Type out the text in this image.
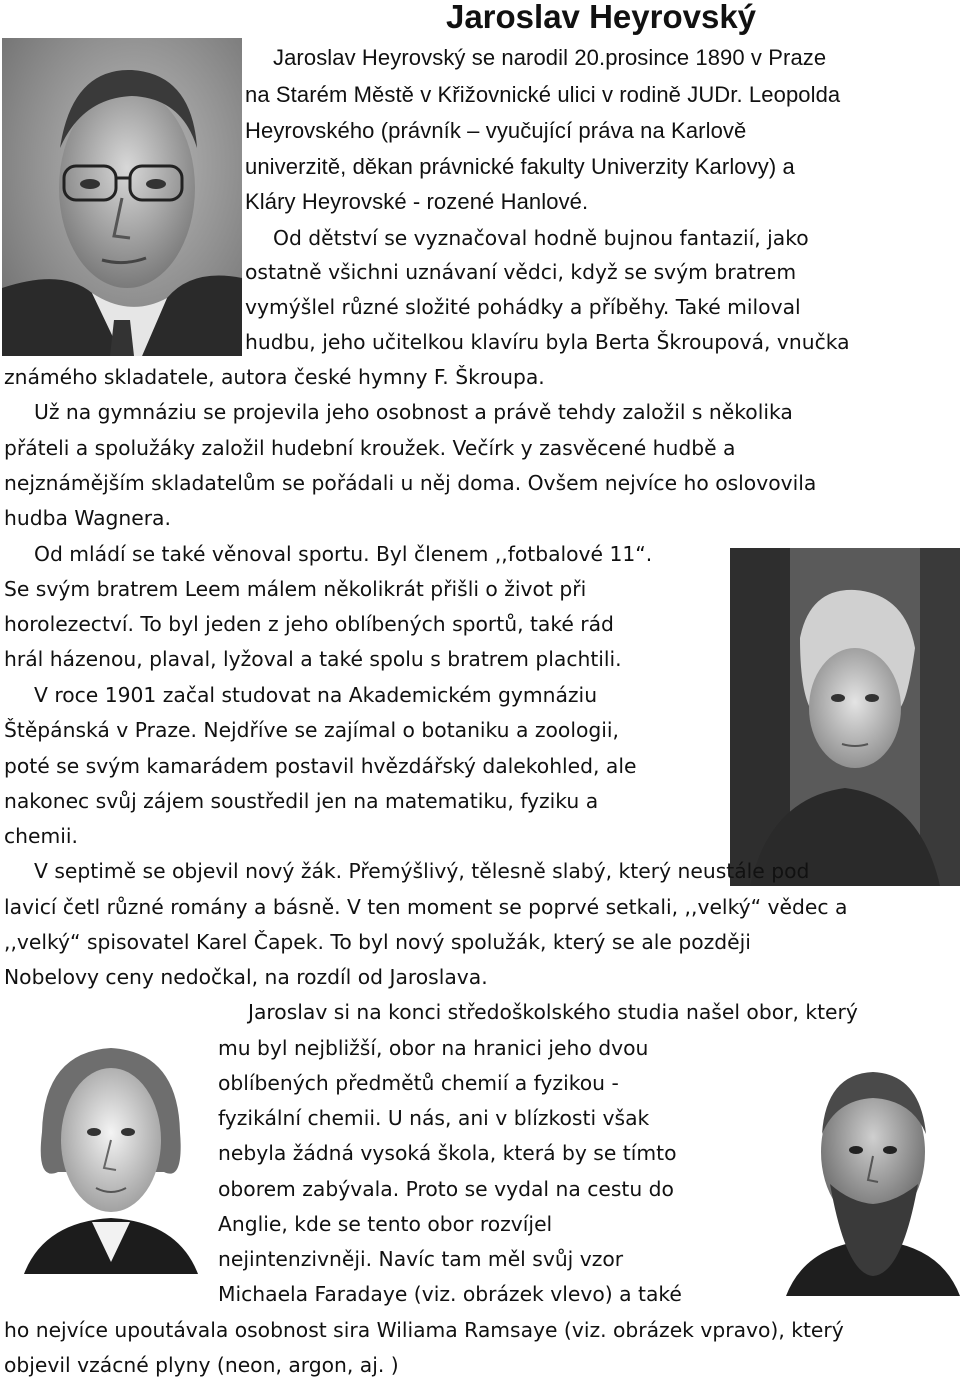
Jaroslav Heyrovský
Jaroslav Heyrovský se narodil 20.prosince 1890 v Praze
na Starém Městě v Křižovnické ulici v rodině JUDr. Leopolda
Heyrovského (právník – vyučující práva na Karlově
univerzitě, děkan právnické fakulty Univerzity Karlovy) a
Kláry Heyrovské - rozené Hanlové.
Od dětství se vyznačoval hodně bujnou fantazií, jako
ostatně všichni uznávaní vědci, když se svým bratrem
vymýšlel různé složité pohádky a příběhy. Také miloval
hudbu, jeho učitelkou klavíru byla Berta Škroupová, vnučka
známého skladatele, autora české hymny F. Škroupa.
Už na gymnáziu se projevila jeho osobnost a právě tehdy založil s několika
přáteli a spolužáky založil hudební kroužek. Večírk y zasvěcené hudbě a
nejznámějším skladatelům se pořádali u něj doma. Ovšem nejvíce ho oslovovila
hudba Wagnera.
Od mládí se také věnoval sportu. Byl členem ,,fotbalové 11“.
Se svým bratrem Leem málem několikrát přišli o život při
horolezectví. To byl jeden z jeho oblíbených sportů, také rád
hrál házenou, plaval, lyžoval a také spolu s bratrem plachtili.
V roce 1901 začal studovat na Akademickém gymnáziu
Štěpánská v Praze. Nejdříve se zajímal o botaniku a zoologii,
poté se svým kamarádem postavil hvězdářský dalekohled, ale
nakonec svůj zájem soustředil jen na matematiku, fyziku a
chemii.
V septimě se objevil nový žák. Přemýšlivý, tělesně slabý, který neustále pod
lavicí četl různé romány a básně. V ten moment se poprvé setkali, ,,velký“ vědec a
,,velký“ spisovatel Karel Čapek. To byl nový spolužák, který se ale později
Nobelovy ceny nedočkal, na rozdíl od Jaroslava.
Jaroslav si na konci středoškolského studia našel obor, který
mu byl nejbližší, obor na hranici jeho dvou
oblíbených předmětů chemií a fyzikou -
fyzikální chemii. U nás, ani v blízkosti však
nebyla žádná vysoká škola, která by se tímto
oborem zabývala. Proto se vydal na cestu do
Anglie, kde se tento obor rozvíjel
nejintenzivněji. Navíc tam měl svůj vzor
Michaela Faradaye (viz. obrázek vlevo) a také
ho nejvíce upoutávala osobnost sira Wiliama Ramsaye (viz. obrázek vpravo), který
objevil vzácné plyny (neon, argon, aj. )
